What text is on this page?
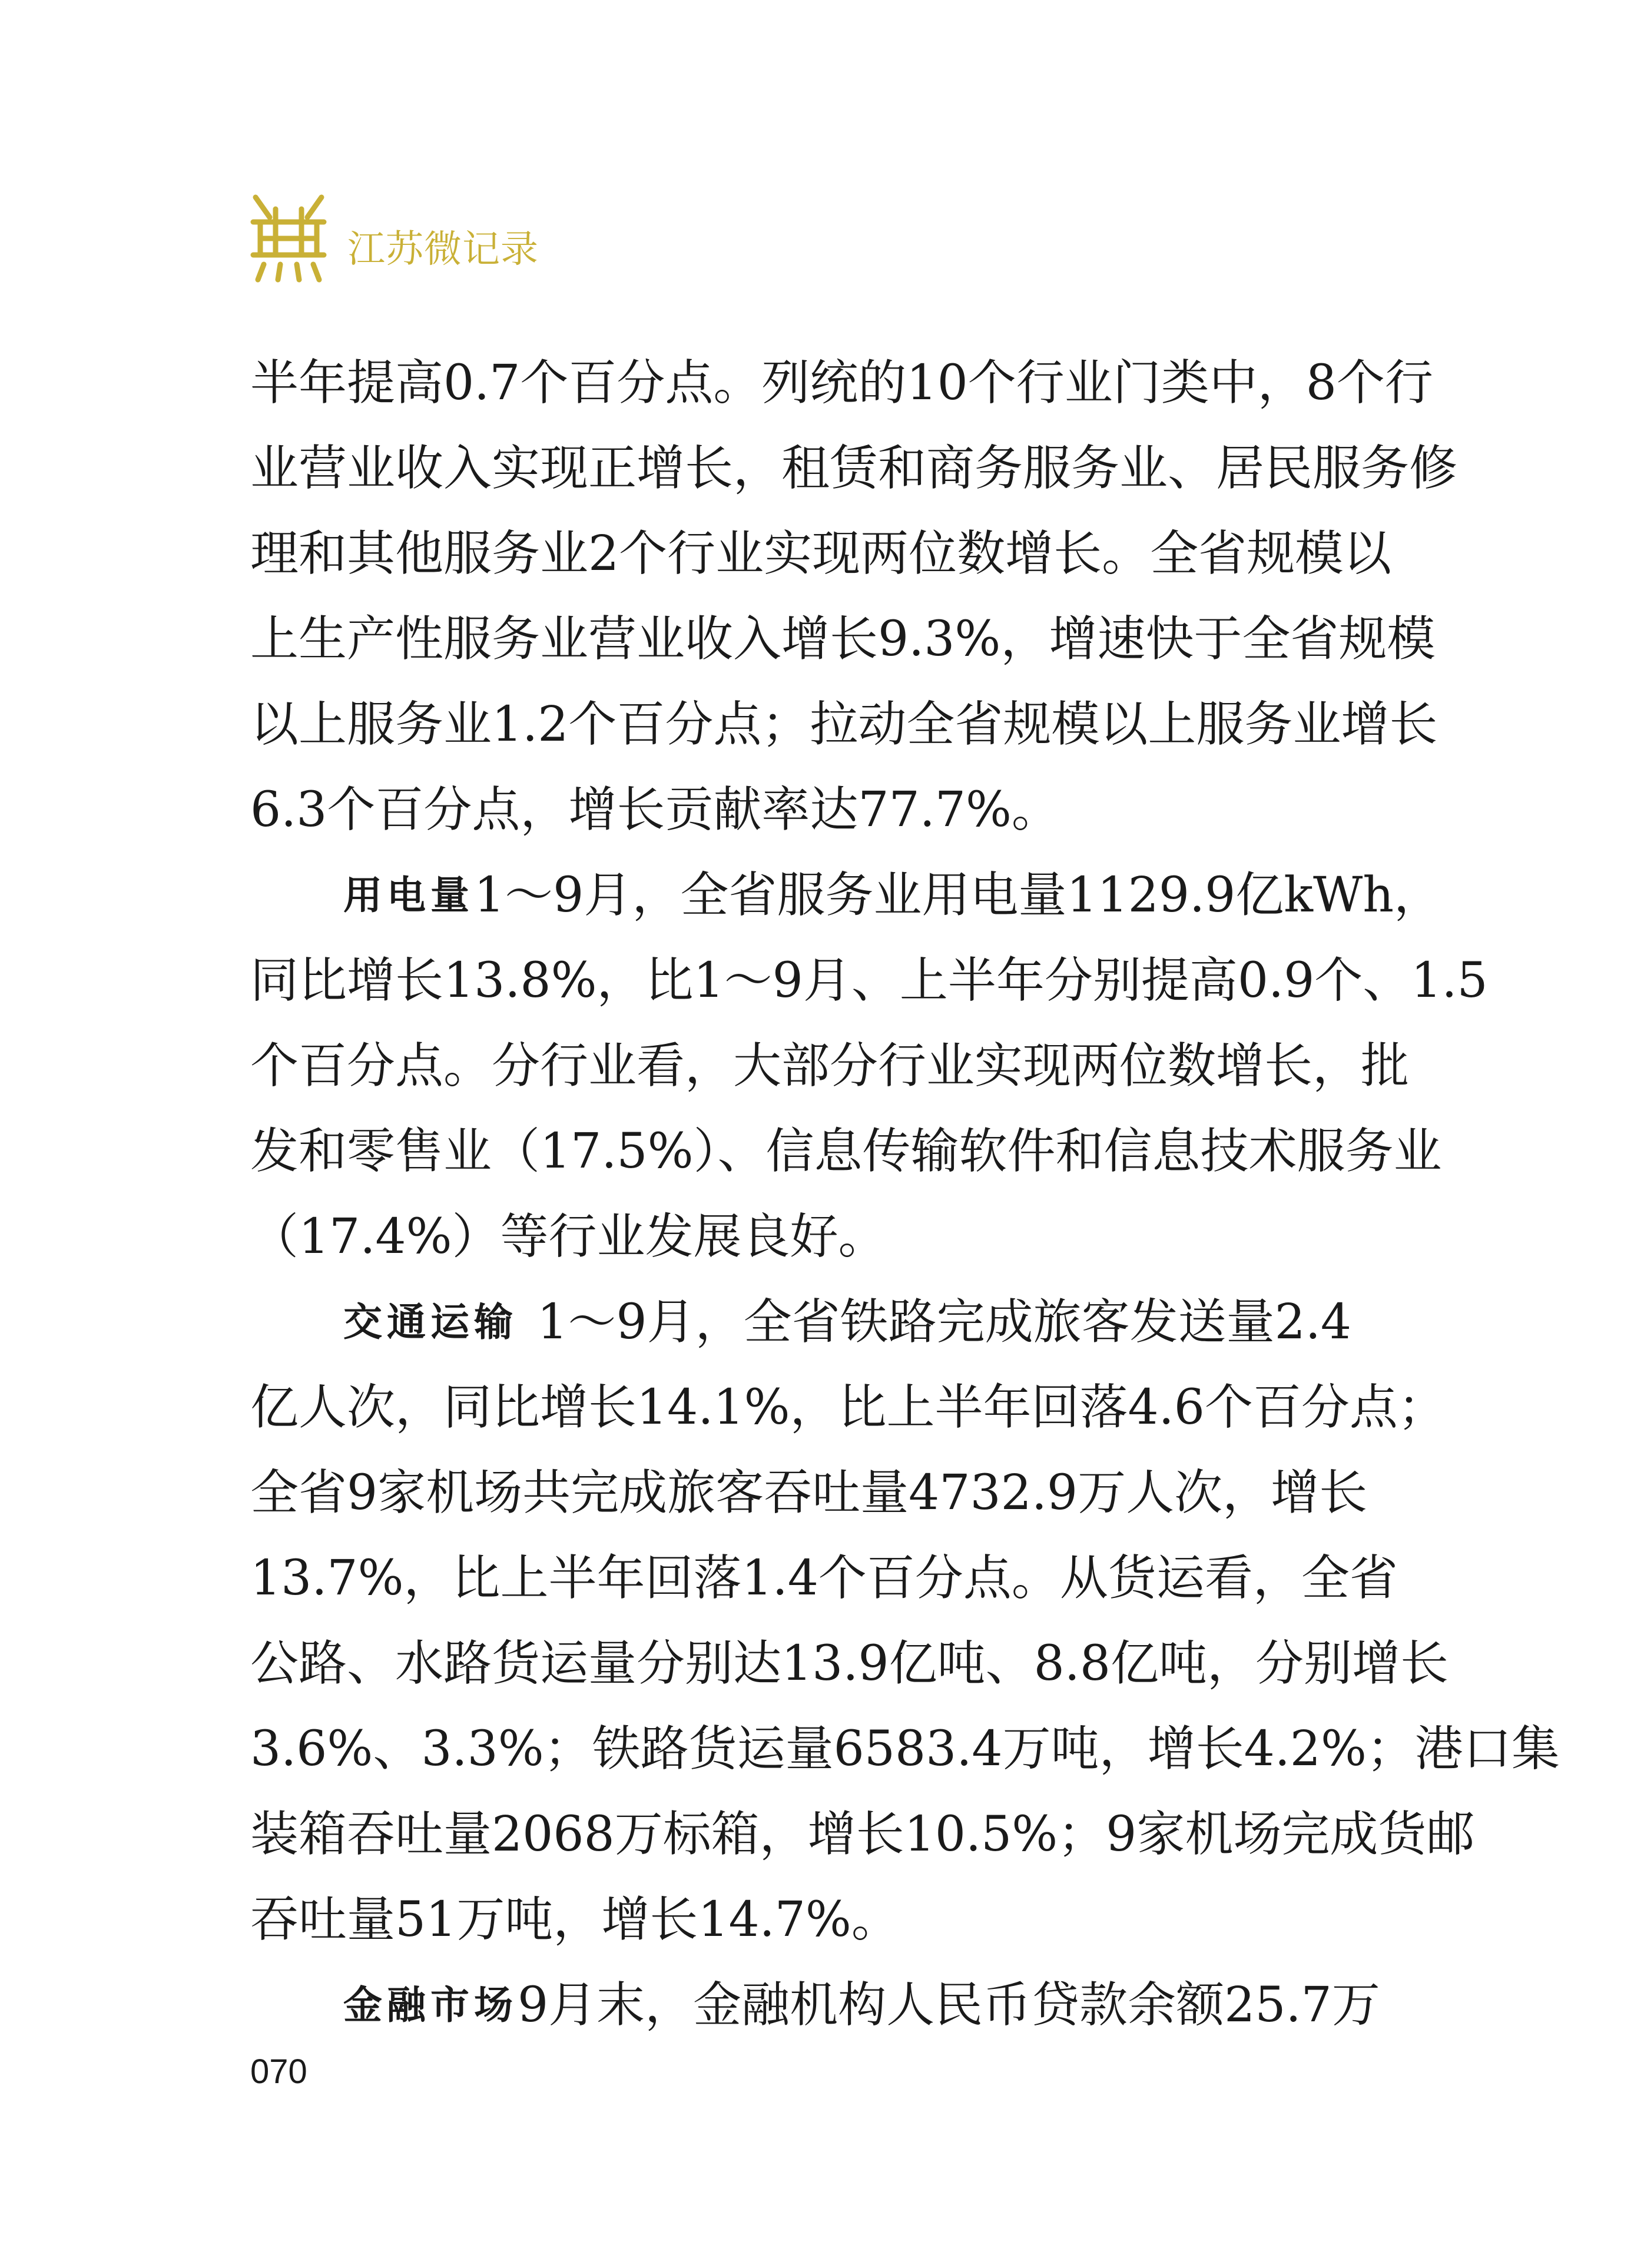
江苏微记录
半年提高0.7个百分点。列统的10个行业门类中，8个行
业营业收入实现正增长，租赁和商务服务业、居民服务修
理和其他服务业2个行业实现两位数增长。全省规模以
上生产性服务业营业收入增长9.3%，增速快于全省规模
以上服务业1.2个百分点；拉动全省规模以上服务业增长
6.3个百分点，增长贡献率达77.7%。
用电量 1～9月，全省服务业用电量1129.9亿kWh，
同比增长13.8%，比1～9月、上半年分别提高0.9个、1.5
个百分点。分行业看，大部分行业实现两位数增长，批
发和零售业（17.5%）、信息传输软件和信息技术服务业
（17.4%）等行业发展良好。
交通运输 1～9月，全省铁路完成旅客发送量2.4
亿人次，同比增长14.1%，比上半年回落4.6个百分点；
全省9家机场共完成旅客吞吐量4732.9万人次，增长
13.7%，比上半年回落1.4个百分点。从货运看，全省
公路、水路货运量分别达13.9亿吨、8.8亿吨，分别增长
3.6%、3.3%；铁路货运量6583.4万吨，增长4.2%；港口集
装箱吞吐量2068万标箱，增长10.5%；9家机场完成货邮
吞吐量51万吨，增长14.7%。
金融市场 9月末，金融机构人民币贷款余额25.7万
070
